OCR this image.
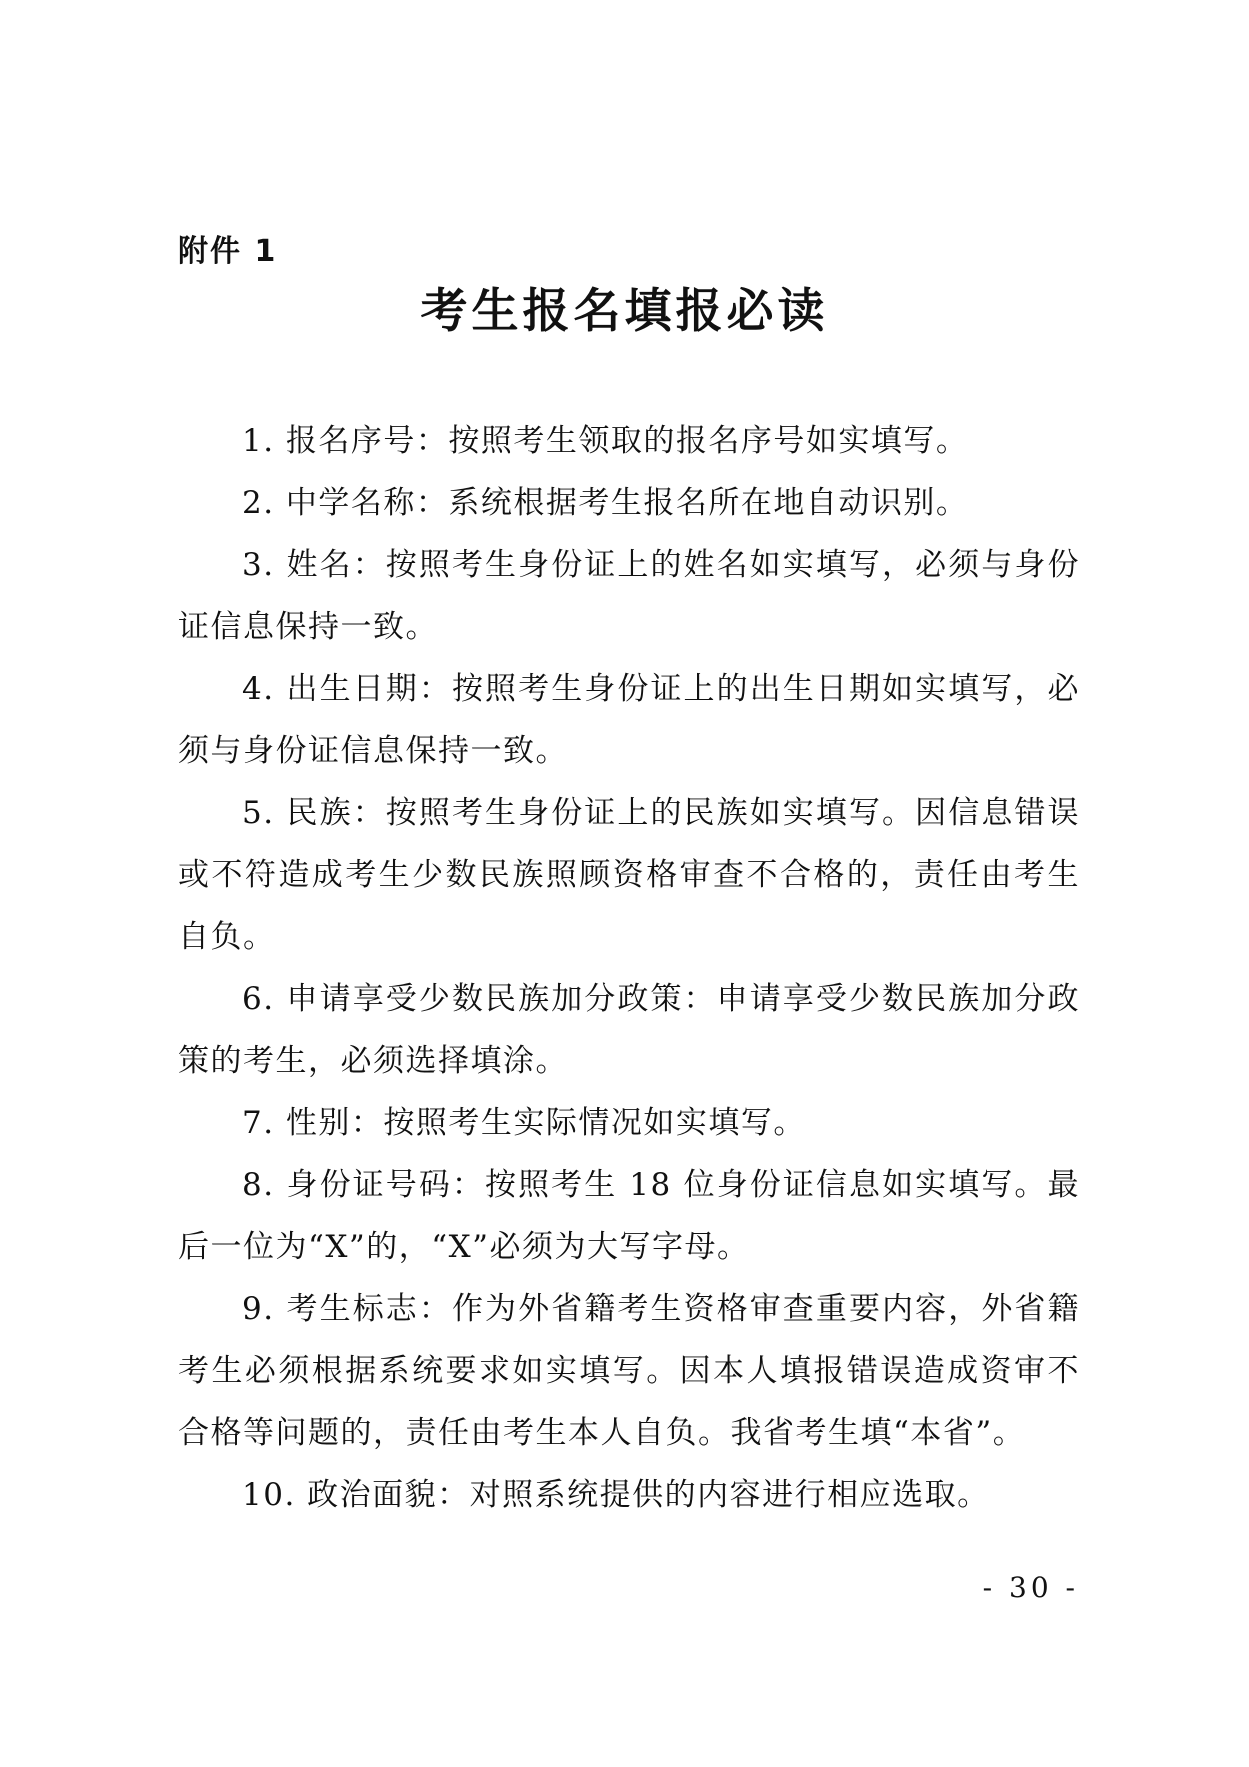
附件 1
考生报名填报必读

1. 报名序号：按照考生领取的报名序号如实填写。

2. 中学名称：系统根据考生报名所在地自动识别。

3. 姓名：按照考生身份证上的姓名如实填写，必须与身份证信息保持一致。

4. 出生日期：按照考生身份证上的出生日期如实填写，必须与身份证信息保持一致。

5. 民族：按照考生身份证上的民族如实填写。因信息错误或不符造成考生少数民族照顾资格审查不合格的，责任由考生自负。

6. 申请享受少数民族加分政策：申请享受少数民族加分政策的考生，必须选择填涂。

7. 性别：按照考生实际情况如实填写。

8. 身份证号码：按照考生 18 位身份证信息如实填写。最后一位为“X”的，“X”必须为大写字母。

9. 考生标志：作为外省籍考生资格审查重要内容，外省籍考生必须根据系统要求如实填写。因本人填报错误造成资审不合格等问题的，责任由考生本人自负。我省考生填“本省”。

10. 政治面貌：对照系统提供的内容进行相应选取。

- 30 -
